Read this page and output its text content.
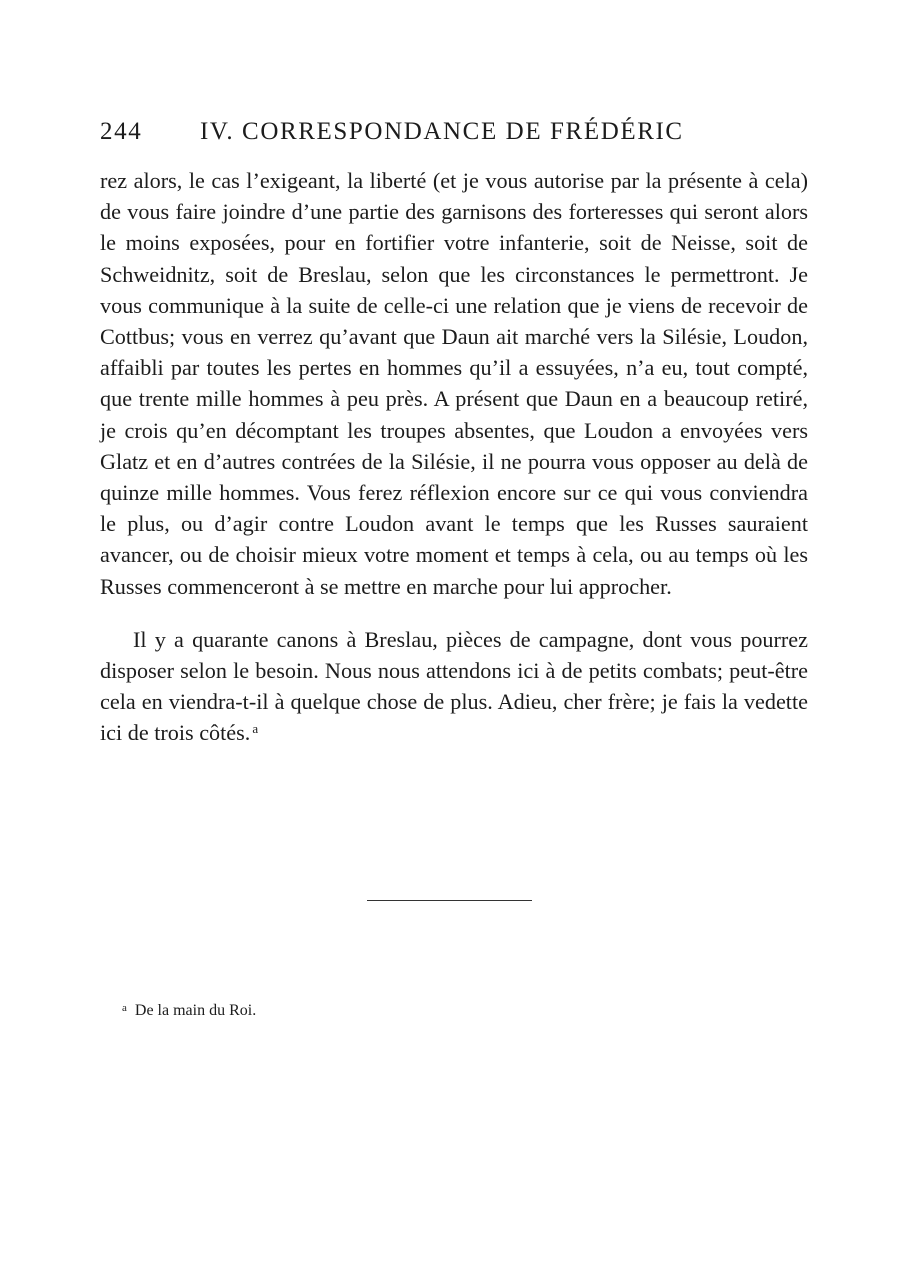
244 IV. CORRESPONDANCE DE FRÉDÉRIC

rez alors, le cas l’exigeant, la liberté (et je vous autorise par la présente à cela) de vous faire joindre d’une partie des garnisons des forteresses qui seront alors le moins exposées, pour en fortifier votre infanterie, soit de Neisse, soit de Schweidnitz, soit de Breslau, selon que les circonstances le permettront. Je vous communique à la suite de celle-ci une relation que je viens de recevoir de Cottbus; vous en verrez qu’avant que Daun ait marché vers la Silésie, Loudon, affaibli par toutes les pertes en hommes qu’il a essuyées, n’a eu, tout compté, que trente mille hommes à peu près. A présent que Daun en a beaucoup retiré, je crois qu’en décomptant les troupes absentes, que Loudon a envoyées vers Glatz et en d’autres contrées de la Silésie, il ne pourra vous opposer au delà de quinze mille hommes. Vous ferez réflexion encore sur ce qui vous conviendra le plus, ou d’agir contre Loudon avant le temps que les Russes sauraient avancer, ou de choisir mieux votre moment et temps à cela, ou au temps où les Russes commenceront à se mettre en marche pour lui approcher.

Il y a quarante canons à Breslau, pièces de campagne, dont vous pourrez disposer selon le besoin. Nous nous attendons ici à de petits combats; peut-être cela en viendra-t-il à quelque chose de plus. Adieu, cher frère; je fais la vedette ici de trois côtés. $^a$

$^a$ De la main du Roi.
